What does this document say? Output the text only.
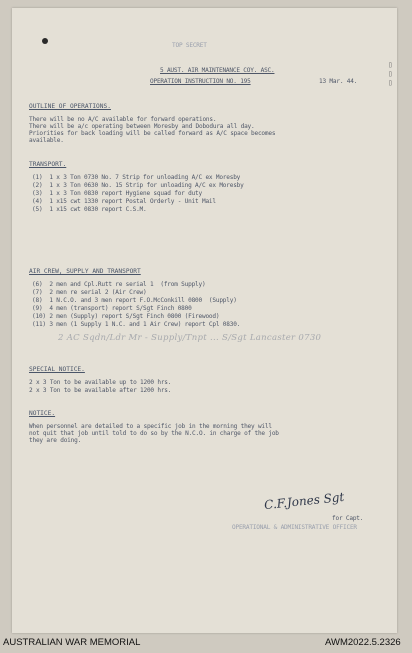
▯
▯
▯
TOP SECRET
5 AUST. AIR MAINTENANCE COY. ASC.
OPERATION INSTRUCTION NO. 195	13 Mar. 44.
OUTLINE OF OPERATIONS.
There will be no A/C available for forward operations.
There will be a/c operating between Moresby and Dobodura all day.
Priorities for back loading will be called forward as A/C space becomes
available.
TRANSPORT.
(1)  1 x 3 Ton 0730 No. 7 Strip for unloading A/C ex Moresby
(2)  1 x 3 Ton 0630 No. 15 Strip for unloading A/C ex Moresby
(3)  1 x 3 Ton 0830 report Hygiene squad for duty
(4)  1 x15 cwt 1330 report Postal Orderly - Unit Mail
(5)  1 x15 cwt 0830 report C.S.M.
AIR CREW, SUPPLY AND TRANSPORT
(6)  2 men and Cpl.Rutt re serial 1  (from Supply)
(7)  2 men re serial 2 (Air Crew)
(8)  1 N.C.O. and 3 men report F.O.McConkill 0800  (Supply)
(9)  4 men (transport) report S/Sgt Finch 0800
(10) 2 men (Supply) report S/Sgt Finch 0800 (Firewood)
(11) 3 men (1 Supply 1 N.C. and 1 Air Crew) report Cpl 0830.
2 AC Sqdn/Ldr Mr - Supply/Tnpt ... S/Sgt Lancaster 0730
SPECIAL NOTICE.
2 x 3 Ton to be available up to 1200 hrs.
2 x 3 Ton to be available after 1200 hrs.
NOTICE.
When personnel are detailed to a specific job in the morning they will
not quit that job until told to do so by the N.C.O. in charge of the job
they are doing.
C.F.Jones Sgt
for Capt.
OPERATIONAL & ADMINISTRATIVE OFFICER
AUSTRALIAN WAR MEMORIAL	AWM2022.5.2326
